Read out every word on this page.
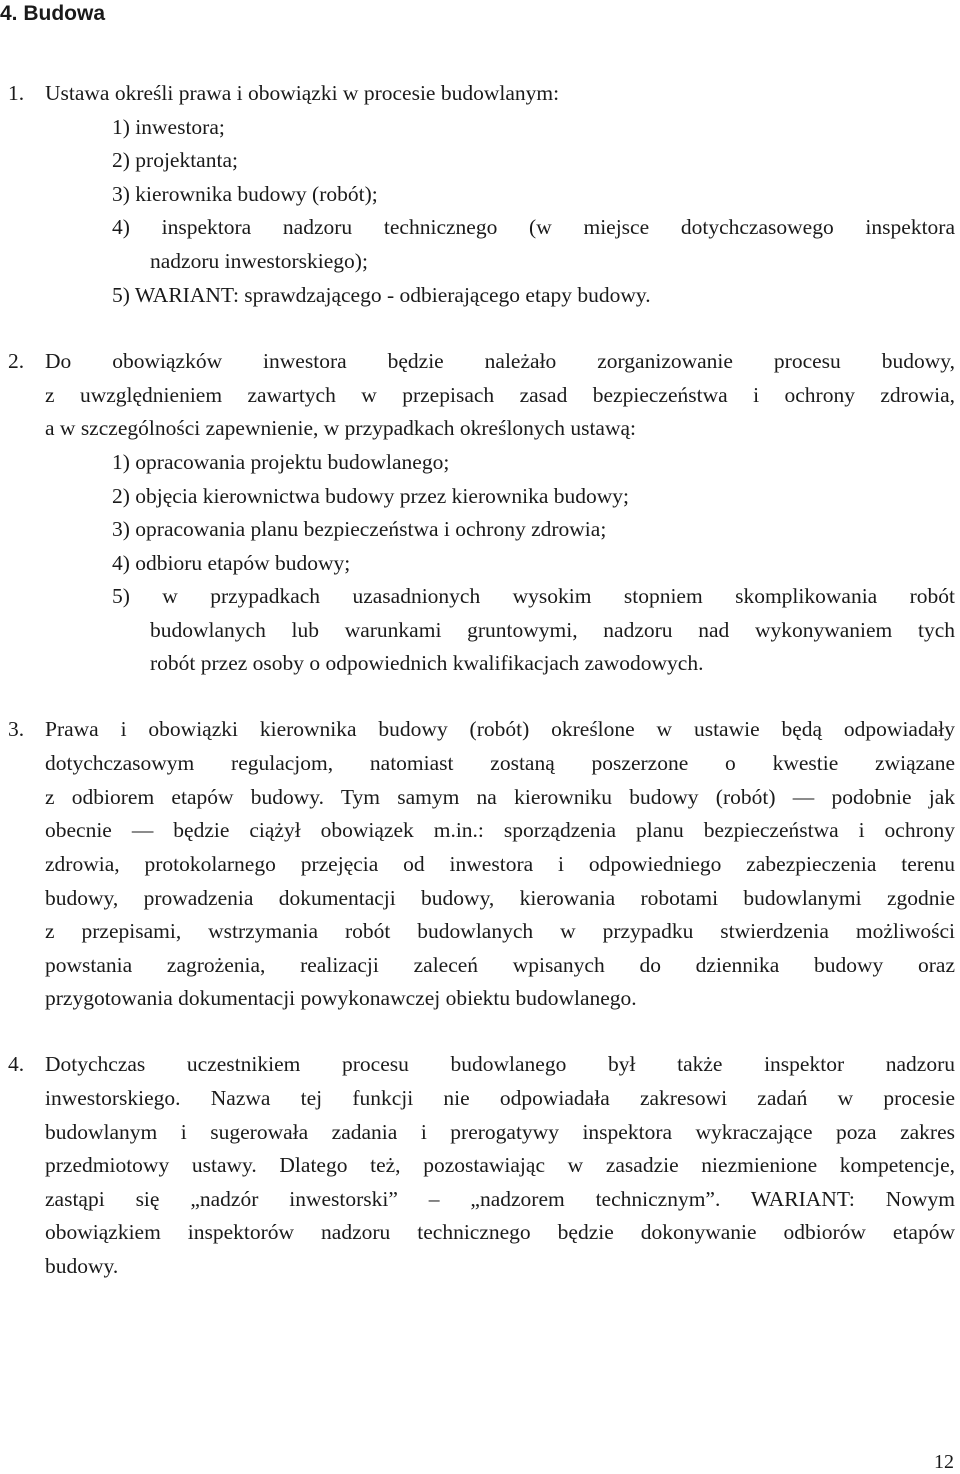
4. Budowa
1. Ustawa określi prawa i obowiązki w procesie budowlanym:
1) inwestora;
2) projektanta;
3) kierownika budowy (robót);
4) inspektora nadzoru technicznego (w miejsce dotychczasowego inspektora
nadzoru inwestorskiego);
5) WARIANT: sprawdzającego - odbierającego etapy budowy.
2. Do obowiązków inwestora będzie należało zorganizowanie procesu budowy,
z uwzględnieniem zawartych w przepisach zasad bezpieczeństwa i ochrony zdrowia,
a w szczególności zapewnienie, w przypadkach określonych ustawą:
1) opracowania projektu budowlanego;
2) objęcia kierownictwa budowy przez kierownika budowy;
3) opracowania planu bezpieczeństwa i ochrony zdrowia;
4) odbioru etapów budowy;
5) w przypadkach uzasadnionych wysokim stopniem skomplikowania robót
budowlanych lub warunkami gruntowymi, nadzoru nad wykonywaniem tych
robót przez osoby o odpowiednich kwalifikacjach zawodowych.
3. Prawa i obowiązki kierownika budowy (robót) określone w ustawie będą odpowiadały
dotychczasowym regulacjom, natomiast zostaną poszerzone o kwestie związane
z odbiorem etapów budowy. Tym samym na kierowniku budowy (robót) — podobnie jak
obecnie — będzie ciążył obowiązek m.in.: sporządzenia planu bezpieczeństwa i ochrony
zdrowia, protokolarnego przejęcia od inwestora i odpowiedniego zabezpieczenia terenu
budowy, prowadzenia dokumentacji budowy, kierowania robotami budowlanymi zgodnie
z przepisami, wstrzymania robót budowlanych w przypadku stwierdzenia możliwości
powstania zagrożenia, realizacji zaleceń wpisanych do dziennika budowy oraz
przygotowania dokumentacji powykonawczej obiektu budowlanego.
4. Dotychczas uczestnikiem procesu budowlanego był także inspektor nadzoru
inwestorskiego. Nazwa tej funkcji nie odpowiadała zakresowi zadań w procesie
budowlanym i sugerowała zadania i prerogatywy inspektora wykraczające poza zakres
przedmiotowy ustawy. Dlatego też, pozostawiając w zasadzie niezmienione kompetencje,
zastąpi się „nadzór inwestorski” – „nadzorem technicznym”. WARIANT: Nowym
obowiązkiem inspektorów nadzoru technicznego będzie dokonywanie odbiorów etapów
budowy.
12
